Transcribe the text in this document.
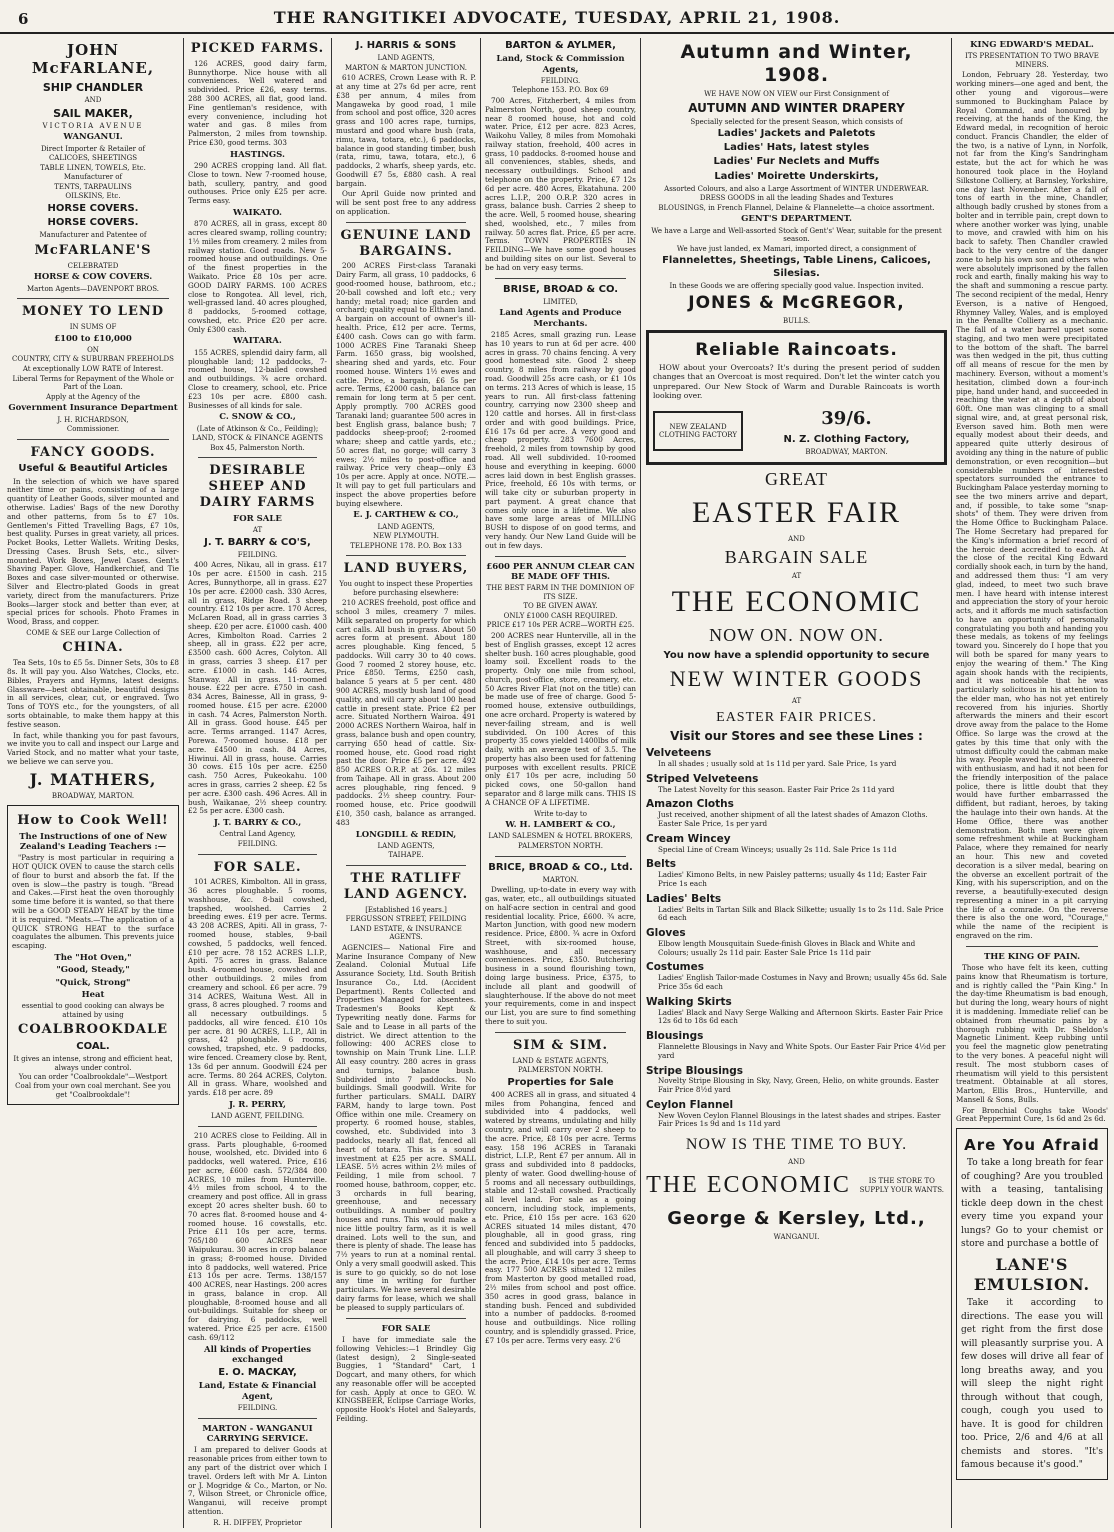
6	THE RANGITIKEI ADVOCATE, TUESDAY, APRIL 21, 1908.
JOHN McFARLANE,
SHIP CHANDLER
AND
SAIL MAKER,
VICTORIA AVENUE
WANGANUI.
Direct Importer & Retailer of
CALICOES, SHEETINGS
TABLE LINEN, TOWELS, Etc.
Manufacturer of
TENTS, TARPAULINS
OILSKINS, Etc.
HORSE COVERS.
HORSE COVERS.
Manufacturer and Patentee of
McFARLANE'S
CELEBRATED
HORSE & COW COVERS.
Marton Agents—DAVENPORT BROS.
MONEY TO LEND
IN SUMS OF
£100 to £10,000
ON
COUNTRY, CITY & SUBURBAN FREEHOLDS
At exceptionally LOW RATE of Interest.
Liberal Terms for Repayment of the Whole or Part of the Loan.
Apply at the Agency of the
Government Insurance Department
J. H. RICHARDSON,
Commissioner.
FANCY GOODS.
Useful & Beautiful Articles
In the selection of which we have spared neither time or pains, consisting of a large quantity of Leather Goods, silver mounted and otherwise. Ladies' Bags of the new Dorothy and other patterns, from 5s to £7 10s. Gentlemen's Fitted Travelling Bags, £7 10s, best quality. Purses in great variety, all prices. Pocket Books, Letter Wallets. Writing Desks, Dressing Cases. Brush Sets, etc., silver-mounted. Work Boxes, Jewel Cases. Gent's Shaving Paper. Glove, Handkerchief, and Tie Boxes and case silver-mounted or otherwise. Silver and Electro-plated Goods in great variety, direct from the manufacturers. Prize Books—larger stock and better than ever, at special prices for schools. Photo Frames in Wood, Brass, and copper.
COME & SEE our Large Collection of
CHINA.
Tea Sets, 10s to £5 5s. Dinner Sets, 30s to £8 8s. It will pay you. Also Watches, Clocks, etc. Bibles, Prayers and Hymns, latest designs. Glassware—best obtainable, beautiful designs in all services, clear, cut, or engraved. Two Tons of TOYS etc., for the youngsters, of all sorts obtainable, to make them happy at this festive season.
In fact, while thanking you for past favours, we invite you to call and inspect our Large and Varied Stock, and no matter what your taste, we believe we can serve you.
J. MATHERS,
BROADWAY, MARTON.
How to Cook Well!
The Instructions of one of New Zealand's Leading Teachers :—
"Pastry is most particular in requiring a HOT QUICK OVEN to cause the starch cells of flour to burst and absorb the fat. If the oven is slow—the pastry is tough. "Bread and Cakes.—First heat the oven thoroughly some time before it is wanted, so that there will be a GOOD STEADY HEAT by the time it is required. "Meats.—The application of a QUICK STRONG HEAT to the surface coagulates the albumen. This prevents juice escaping.
The "Hot Oven,"
"Good, Steady,"
"Quick, Strong"
Heat
essential to good cooking can always be attained by using
COALBROOKDALE
COAL.
It gives an intense, strong and efficient heat, always under control.
You can order "Coalbrookdale"—Westport Coal from your own coal merchant. See you get "Coalbrookdale"!
PICKED FARMS.
126 ACRES, good dairy farm, Bunnythorpe. Nice house with all conveniences. Well watered and subdivided. Price £26, easy terms. 288 300 ACRES, all flat, good land. Fine gentleman's residence, with every convenience, including hot water and gas. 8 miles from Palmerston, 2 miles from township. Price £30, good terms. 303
HASTINGS.
290 ACRES cropping land. All flat. Close to town. New 7-roomed house, bath, scullery, pantry, and good outhouses. Price only £25 per acre. Terms easy.
WAIKATO.
870 ACRES, all in grass, except 80 acres cleared swamp, rolling country; 1½ miles from creamery. 2 miles from railway station. Good roads. New 5-roomed house and outbuildings. One of the finest properties in the Waikato. Price £8 10s per acre. GOOD DAIRY FARMS. 100 ACRES close to Rongotea. All level, rich, well-grassed land. 40 acres ploughed, 8 paddocks, 5-roomed cottage, cowshed, etc. Price £20 per acre. Only £300 cash.
WAITARA.
155 ACRES, splendid dairy farm, all ploughable land; 12 paddocks, 7-roomed house, 12-bailed cowshed and outbuildings. ¾ acre orchard. Close to creamery, school, etc. Price £23 10s per acre. £800 cash. Businesses of all kinds for sale.
C. SNOW & CO.,
(Late of Atkinson & Co., Feilding);
LAND, STOCK & FINANCE AGENTS
Box 45, Palmerston North.
DESIRABLE SHEEP AND DAIRY FARMS
FOR SALE
AT
J. T. BARRY & CO'S,
FEILDING.
400 Acres, Nikau, all in grass. £17 10s per acre. £1500 in cash. 215 Acres, Bunnythorpe, all in grass. £27 10s per acre. £2000 cash. 330 Acres, all in grass, Ridge Road. 3 sheep country. £12 10s per acre. 170 Acres, McLaren Road, all in grass carries 3 sheep. £20 per acre. £1000 cash. 400 Acres, Kimbolton Road. Carries 2 sheep, all in grass. £22 per acre, £3500 cash. 600 Acres, Colyton. All in grass, carries 3 sheep. £17 per acre. £1000 in cash. 146 Acres, Stanway. All in grass. 11-roomed house. £22 per acre. £750 in cash. 834 Acres, Bainesse, All in grass, 9-roomed house. £15 per acre. £2000 in cash. 74 Acres, Palmerston North. All in grass. Good house. £45 per acre. Terms arranged. 1147 Acres, Porewa. 7-roomed house. £18 per acre. £4500 in cash. 84 Acres, Hiwinui. All in grass, house. Carries 30 cows. £15 10s per acre. £250 cash. 750 Acres, Pukeokahu. 100 acres in grass, carries 2 sheep. £2 5s per acre. £300 cash. 496 Acres. All in bush, Waikanae, 2½ sheep country. £2 5s per acre. £300 cash.
J. T. BARRY & CO.,
Central Land Agency,
FEILDING.
FOR SALE.
101 ACRES, Kimbolton. All in grass, 36 acres ploughable. 5 rooms, washhouse, &c. 8-bail cowshed, trapshed, woolshed. Carries 2 breeding ewes. £19 per acre. Terms. 43 208 ACRES, Apiti. All in grass, 7-roomed house, stables, 9-bail cowshed, 5 paddocks, well fenced. £10 per acre. 78 152 ACRES L.I.P., Apiti. 75 acres in grass. Balance bush. 4-roomed house, cowshed and other outbuildings. 2 miles from creamery and school. £6 per acre. 79 314 ACRES, Waituna West. All in grass, 8 acres ploughed. 7 rooms and all necessary outbuildings. 5 paddocks, all wire fenced. £10 10s per acre. 81 90 ACRES, L.I.P., All in grass, 42 ploughable. 6 rooms, cowshed, trapshed, etc. 9 paddocks, wire fenced. Creamery close by. Rent, 13s 6d per annum. Goodwill £24 per acre. Terms. 80 264 ACRES, Colyton. All in grass. Whare, woolshed and yards. £18 per acre. 89
J. R. PERRY,
LAND AGENT, FEILDING.
210 ACRES close to Feilding. All in grass. Parts ploughable, 6-roomed house, woolshed, etc. Divided into 6 paddocks, well watered. Price, £16 per acre, £600 cash. 572/384 800 ACRES, 10 miles from Hunterville. 4½ miles from school, 4 to the creamery and post office. All in grass except 20 acres shelter bush. 60 to 70 acres flat. 8-roomed house and 4-roomed house. 16 cowstalls, etc. Price £11 10s per acre, terms. 765/180 600 ACRES near Waipukurau. 30 acres in crop balance in grass; 8-roomed house. Divided into 8 paddocks, well watered. Price £13 10s per acre. Terms. 138/157 400 ACRES, near Hastings. 200 acres in grass, balance in crop. All ploughable, 8-roomed house and all out-buildings. Suitable for sheep or for dairying. 6 paddocks, well watered. Price £25 per acre. £1500 cash. 69/112
All kinds of Properties exchanged
E. O. MACKAY,
Land, Estate & Financial Agent,
FEILDING.
MARTON - WANGANUI CARRYING SERVICE.
I am prepared to deliver Goods at reasonable prices from either town to any part of the district over which I travel. Orders left with Mr A. Linton or J. Mogridge & Co., Marton, or No. 7, Wilson Street, or Chronicle office, Wanganui, will receive prompt attention.
R. H. DIFFEY, Proprietor
J. HARRIS & SONS
LAND AGENTS,
MARTON & MARTON JUNCTION.
610 ACRES, Crown Lease with R. P. at any time at 27s 6d per acre, rent £38 per annum, 4 miles from Mangaweka by good road, 1 mile from school and post office, 320 acres grass and 100 acres rape, turnips, mustard and good whare bush (rata, rimu, tawa, totara, etc.), 6 paddocks, balance in good standing timber, bush (rata, rimu, tawa, totara, etc.), 6 paddocks, 2 wharfs, sheep yards, etc. Goodwill £7 5s, £880 cash. A real bargain.
Our April Guide now printed and will be sent post free to any address on application.
GENUINE LAND BARGAINS.
200 ACRES First-class Taranaki Dairy Farm, all grass, 10 paddocks, 6 good-roomed house, bathroom, etc.; 20-ball cowshed and loft etc.; very handy; metal road; nice garden and orchard; quality equal to Eltham land. A bargain on account of owner's ill-health. Price, £12 per acre. Terms, £400 cash. Cows can go with farm. 1000 ACRES Fine Taranaki Sheep Farm. 1650 grass, big woolshed, shearing shed and yards, etc. Four roomed house. Winters 1½ ewes and cattle. Price, a bargain, £6 5s per acre. Terms, £2000 cash, balance can remain for long term at 5 per cent. Apply promptly. 700 ACRES good Taranaki land; guarantee 500 acres in best English grass, balance bush; 7 paddocks sheep-proof; 2-roomed whare; sheep and cattle yards, etc.; 50 acres flat, no gorge; will carry 3 ewes; 2½ miles to post-office and railway. Price very cheap—only £3 10s per acre. Apply at once. NOTE.—It will pay to get full particulars and inspect the above properties before buying elsewhere.
E. J. CARTHEW & CO.,
LAND AGENTS,
NEW PLYMOUTH.
TELEPHONE 178. P.O. Box 133
LAND BUYERS,
You ought to inspect these Properties before purchasing elsewhere:
210 ACRES freehold, post office and school 3 miles, creamery 7 miles. Milk separated on property for which cart calls. All bush in grass. About 50 acres form at present. About 180 acres ploughable. King fenced, 5 paddocks. Will carry 30 to 40 cows. Good 7 roomed 2 storey house, etc. Price £850. Terms, £250 cash, balance 5 years at 5 per cent. 480 900 ACRES, mostly bush land of good quality, and will carry about 100 head cattle in present state. Price £2 per acre. Situated Northern Wairoa. 491 2000 ACRES Northern Wairoa, half in grass, balance bush and open country, carrying 650 head of cattle. Six-roomed house, etc. Good road right past the door. Price £5 per acre. 492 850 ACRES O.R.P. at 26s. 12 miles from Taihape. All in grass. About 200 acres ploughable, ring fenced. 9 paddocks. 2½ sheep country. Four-roomed house, etc. Price goodwill £10, 350 cash, balance as arranged. 483
LONGDILL & REDIN,
LAND AGENTS,
TAIHAPE.
THE RATLIFF LAND AGENCY.
[Established 16 years.]
FERGUSSON STREET, FEILDING
LAND ESTATE, & INSURANCE AGENTS.
AGENCIES— National Fire and Marine Insurance Company of New Zealand. Colonial Mutual Life Assurance Society, Ltd. South British Insurance Co., Ltd. (Accident Department). Rents Collected and Properties Managed for absentees. Tradesmen's Books Kept & Typewriting neatly done. Farms for Sale and to Lease in all parts of the district. We direct attention to the following: 400 ACRES close to township on Main Trunk Line. L.I.P. All easy country. 280 acres in grass and turnips, balance bush. Subdivided into 7 paddocks. No buildings. Small goodwill. Write for further particulars. SMALL DAIRY FARM, handy to large town. Post Office within one mile. Creamery on property. 6 roomed house, stables, cowshed, etc. Subdivided into 3 paddocks, nearly all flat, fenced all heart of totara. This is a sound investment at £25 per acre. SMALL LEASE. 5½ acres within 2½ miles of Feilding, 1 mile from school. 7 roomed house, bathroom, copper, etc. 3 orchards in full bearing, greenhouse, and necessary outbuildings. A number of poultry houses and runs. This would make a nice little poultry farm, as it is well drained. Lots well to the sun, and there is plenty of shade. The lease has 7½ years to run at a nominal rental. Only a very small goodwill asked. This is sure to go quickly, so do not lose any time in writing for further particulars. We have several desirable dairy farms for lease, which we shall be pleased to supply particulars of.
FOR SALE
I have for immediate sale the following Vehicles:—1 Brindley Gig (latest design), 2 Single-seated Buggies, 1 "Standard" Cart, 1 Dogcart, and many others, for which any reasonable offer will be accepted for cash. Apply at once to GEO. W. KINGSBEER, Eclipse Carriage Works, opposite Hook's Hotel and Saleyards, Feilding.
BARTON & AYLMER,
Land, Stock & Commission Agents,
FEILDING.
Telephone 153. P.O. Box 69
700 Acres, Fitzherbert, 4 miles from Palmerston North, good sheep country, near 8 roomed house, hot and cold water. Price, £12 per acre. 823 Acres, Waikohu Valley, 8 miles from Momohaki railway station, freehold, 400 acres in grass, 10 paddocks. 8-roomed house and all conveniences, stables, sheds, and necessary outbuildings. School and telephone on the property. Price, £7 12s 6d per acre. 480 Acres, Ekatahuna. 200 acres L.I.P., 200 O.R.P. 320 acres in grass, balance bush. Carries 2 sheep to the acre. Well, 5 roomed house, shearing shed, woolshed, etc., 7 miles from railway. 50 acres flat. Price, £5 per acre. Terms. TOWN PROPERTIES IN FEILDING—We have some good houses and building sites on our list. Several to be had on very easy terms.
BRISE, BROAD & CO.
LIMITED,
Land Agents and Produce Merchants.
2185 Acres, small grazing run. Lease has 10 years to run at 6d per acre. 400 acres in grass. 70 chains fencing. A very good homestead site. Good 2 sheep country, 8 miles from railway by good road. Goodwill 25s acre cash, or £1 10s on terms. 213 Acres of which is lease, 15 years to run. All first-class fattening country, carrying now 2300 sheep and 120 cattle and horses. All in first-class order and with good buildings. Price, £16 17s 6d per acre. A very good and cheap property. 283 7600 Acres, freehold, 2 miles from township by good road. All well subdivided. 10-roomed house and everything in keeping. 6000 acres laid down in best English grasses. Price, freehold, £6 10s with terms, or will take city or suburban property in part payment. A great chance that comes only once in a lifetime. We also have some large areas of MILLING BUSH to dispose of on good terms, and very handy. Our New Land Guide will be out in few days.
£600 PER ANNUM CLEAR CAN BE MADE OFF THIS.
THE BEST FARM IN THE DOMINION OF ITS SIZE.
TO BE GIVEN AWAY.
ONLY £1000 CASH REQUIRED.
PRICE £17 10s PER ACRE—WORTH £25.
200 ACRES near Hunterville, all in the best of English grasses, except 12 acres shelter bush. 160 acres ploughable, good loamy soil. Excellent roads to the property. Only one mile from school, church, post-office, store, creamery, etc. 50 Acres River Flat (not on the title) can be made use of free of charge. Good 5-roomed house, extensive outbuildings, one acre orchard. Property is watered by never-failing stream, and is well subdivided. On 100 Acres of this property 35 cows yielded 1400lbs of milk daily, with an average test of 3.5. The property has also been used for fattening purposes with excellent results. PRICE only £17 10s per acre, including 50 picked cows, one 50-gallon hand separator and 8 large milk cans. THIS IS A CHANCE OF A LIFETIME.
Write to-day to
W. H. LAMBERT & CO.,
LAND SALESMEN & HOTEL BROKERS,
PALMERSTON NORTH.
BRICE, BROAD & CO., Ltd.
MARTON.
Dwelling, up-to-date in every way with gas, water, etc., all outbuildings situated on half-acre section in central and good residential locality. Price, £600. ¾ acre, Marton Junction, with good new modern residence. Price, £800. ¾ acre in Oxford Street, with six-roomed house, washhouse, and all necessary conveniences. Price, £350. Butchering business in a sound flourishing town, doing large business. Price, £375, to include all plant and goodwill of slaughterhouse. If the above do not meet your requirements, come in and inspect our List, you are sure to find something there to suit you.
SIM & SIM.
LAND & ESTATE AGENTS,
PALMERSTON NORTH.
Properties for Sale
400 ACRES all in grass, and situated 4 miles from Pohangina, fenced and subdivided into 4 paddocks, well watered by streams, undulating and hilly country, and will carry over 2 sheep to the acre. Price, £8 10s per acre. Terms easy. 158 196 ACRES in Taranaki district, L.I.P., Rent £7 per annum. All in grass and subdivided into 8 paddocks, plenty of water. Good dwelling-house of 5 rooms and all necessary outbuildings, stable and 12-stall cowshed. Practically all level land. For sale as a going concern, including stock, implements, etc. Price, £10 15s per acre. 163 620 ACRES situated 14 miles distant, 470 ploughable, all in good grass, ring fenced and subdivided into 5 paddocks, all ploughable, and will carry 3 sheep to the acre. Price, £14 10s per acre. Terms easy. 177 500 ACRES situated 12 miles from Masterton by good metalled road, 2½ miles from school and post office. 350 acres in good grass, balance in standing bush. Fenced and subdivided into a number of paddocks. 8-roomed house and outbuildings. Nice rolling country, and is splendidly grassed. Price, £7 10s per acre. Terms very easy. 2'6
Autumn and Winter, 1908.
WE HAVE NOW ON VIEW our First Consignment of
AUTUMN AND WINTER DRAPERY
Specially selected for the present Season, which consists of
Ladies' Jackets and Paletots
Ladies' Hats, latest styles
Ladies' Fur Neclets and Muffs
Ladies' Moirette Underskirts,
Assorted Colours, and also a Large Assortment of WINTER UNDERWEAR.
DRESS GOODS in all the leading Shades and Textures
BLOUSINGS, in French Flannel, Delaine & Flannelette—a choice assortment.
GENT'S DEPARTMENT.
We have a Large and Well-assorted Stock of Gent's' Wear, suitable for the present season.
We have just landed, ex Mamari, imported direct, a consignment of
Flannelettes, Sheetings, Table Linens, Calicoes, Silesias.
In these Goods we are offering specially good value. Inspection invited.
JONES & McGREGOR,
BULLS.
Reliable Raincoats.
HOW about your Overcoats? It's during the present period of sudden changes that an Overcoat is most required. Don't let the winter catch you unprepared. Our New Stock of Warm and Durable Raincoats is worth looking over.
NEW ZEALAND CLOTHING FACTORY
39/6.
N. Z. Clothing Factory,
BROADWAY, MARTON.
GREAT
EASTER FAIR
AND
BARGAIN SALE
AT
THE ECONOMIC
NOW ON. NOW ON.
You now have a splendid opportunity to secure
NEW WINTER GOODS
AT
EASTER FAIR PRICES.
Visit our Stores and see these Lines :
Velveteens
In all shades ; usually sold at 1s 11d per yard. Sale Price, 1s yard
Striped Velveteens
The Latest Novelty for this season. Easter Fair Price 2s 11d yard
Amazon Cloths
Just received, another shipment of all the latest shades of Amazon Cloths. Easter Sale Price, 1s per yard
Cream Wincey
Special Line of Cream Winceys; usually 2s 11d. Sale Price 1s 11d
Belts
Ladies' Kimono Belts, in new Paisley patterns; usually 4s 11d; Easter Fair Price 1s each
Ladies' Belts
Ladies' Belts in Tartan Silk and Black Silkette; usually 1s to 2s 11d. Sale Price 6d each
Gloves
Elbow length Mousquitain Suede-finish Gloves in Black and White and Colours; usually 2s 11d pair. Easter Sale Price 1s 11d pair
Costumes
Ladies' English Tailor-made Costumes in Navy and Brown; usually 45s 6d. Sale Price 35s 6d each
Walking Skirts
Ladies' Black and Navy Serge Walking and Afternoon Skirts. Easter Fair Price 12s 6d to 18s 6d each
Blousings
Flannelette Blousings in Navy and White Spots. Our Easter Fair Price 4½d per yard
Stripe Blousings
Novelty Stripe Blousing in Sky, Navy, Green, Helio, on white grounds. Easter Fair Price 8½d yard
Ceylon Flannel
New Woven Ceylon Flannel Blousings in the latest shades and stripes. Easter Fair Prices 1s 9d and 1s 11d yard
NOW IS THE TIME TO BUY.
AND
THE ECONOMIC	IS THE STORE TO SUPPLY YOUR WANTS.
George & Kersley, Ltd.,
WANGANUI.
KING EDWARD'S MEDAL.
ITS PRESENTATION TO TWO BRAVE MINERS.
London, February 28. Yesterday, two working miners—one aged and bent, the other young and vigorous—were summoned to Buckingham Palace by Royal Command, and honoured by receiving, at the hands of the King, the Edward medal, in recognition of heroic conduct. Francis Chandler, the elder of the two, is a native of Lynn, in Norfolk, not far from the King's Sandringham estate, but the act for which he was honoured took place in the Hoyland Silkstone Colliery, at Barnsley, Yorkshire, one day last November. After a fall of tons of earth in the mine, Chandler, although badly crushed by stones from a bolter and in terrible pain, crept down to where another worker was lying, unable to move, and crawled with him on his back to safety. Then Chandler crawled back to the very centre of the danger zone to help his own son and others who were absolutely imprisoned by the fallen rock and earth, finally making his way to the shaft and summoning a rescue party. The second recipient of the medal, Henry Everson, is a native of Hengoed, Rhymney Valley, Wales, and is employed in the Penallte Colliery as a mechanic. The fall of a water barrel upset some staging, and two men were precipitated to the bottom of the shaft. The barrel was then wedged in the pit, thus cutting off all means of rescue for the men by machinery. Everson, without a moment's hesitation, climbed down a four-inch pipe, hand under hand, and succeeded in reaching the water at a depth of about 60ft. One man was clinging to a small signal wire, and, at great personal risk, Everson saved him. Both men were equally modest about their deeds, and appeared quite utterly desirous of avoiding any thing in the nature of public demonstration, or even recognition—but considerable numbers of interested spectators surrounded the entrance to Buckingham Palace yesterday morning to see the two miners arrive and depart, and, if possible, to take some "snap-shots" of them. They were driven from the Home Office to Buckingham Palace. The Home Secretary had prepared for the King's information a brief record of the heroic deed accredited to each. At the close of the recital King Edward cordially shook each, in turn by the hand, and addressed them thus: "I am very glad, indeed, to meet two such brave men. I have heard with intense interest and appreciation the story of your heroic acts, and it affords me much satisfaction to have an opportunity of personally congratulating you both and handing you these medals, as tokens of my feelings toward you. Sincerely do I hope that you will both be spared for many years to enjoy the wearing of them." The King again shook hands with the recipients, and it was noticeable that he was particularly solicitous in his attention to the elder man, who has not yet entirely recovered from his injuries. Shortly afterwards the miners and their escort drove away from the palace to the Home Office. So large was the crowd at the gates by this time that only with the utmost difficulty could the cabman make his way. People waved hats, and cheered with enthusiasm, and had it not been for the friendly interposition of the palace police, there is little doubt that they would have further embarrassed the diffident, but radiant, heroes, by taking the haulage into their own hands. At the Home Office, there was another demonstration. Both men were given some refreshment while at Buckingham Palace, where they remained for nearly an hour. This new and coveted decoration is a silver medal, bearing on the obverse an excellent portrait of the King, with his superscription, and on the reverse, a beautifully-executed design representing a miner in a pit carrying the life of a comrade. On the reverse there is also the one word, "Courage," while the name of the recipient is engraved on the rim.
THE KING OF PAIN.
Those who have felt its keen, cutting pains know that Rheumatism is torture, and is rightly called the "Pain King." In the day-time Rheumatism is bad enough, but during the long, weary hours of night it is maddening. Immediate relief can be obtained from rheumatic pains by a thorough rubbing with Dr. Sheldon's Magnetic Liniment. Keep rubbing until you feel the magnetic glow penetrating to the very bones. A peaceful night will result. The most stubborn cases of rheumatism will yield to this persistent treatment. Obtainable at all stores, Marton, Ellis Bros., Hunterville, and Mansell & Sons, Bulls.
For Bronchial Coughs take Woods' Great Peppermint Cure, 1s 6d and 2s 6d.
Are You Afraid
To take a long breath for fear of coughing? Are you troubled with a teasing, tantalising tickle deep down in the chest every time you expand your lungs? Go to your chemist or store and purchase a bottle of
LANE'S EMULSION.
Take it according to directions. The ease you will get right from the first dose will pleasantly surprise you. A few doses will drive all fear of long breaths away, and you will sleep the night right through without that cough, cough, cough you used to have. It is good for children too. Price, 2/6 and 4/6 at all chemists and stores. "It's famous because it's good."
